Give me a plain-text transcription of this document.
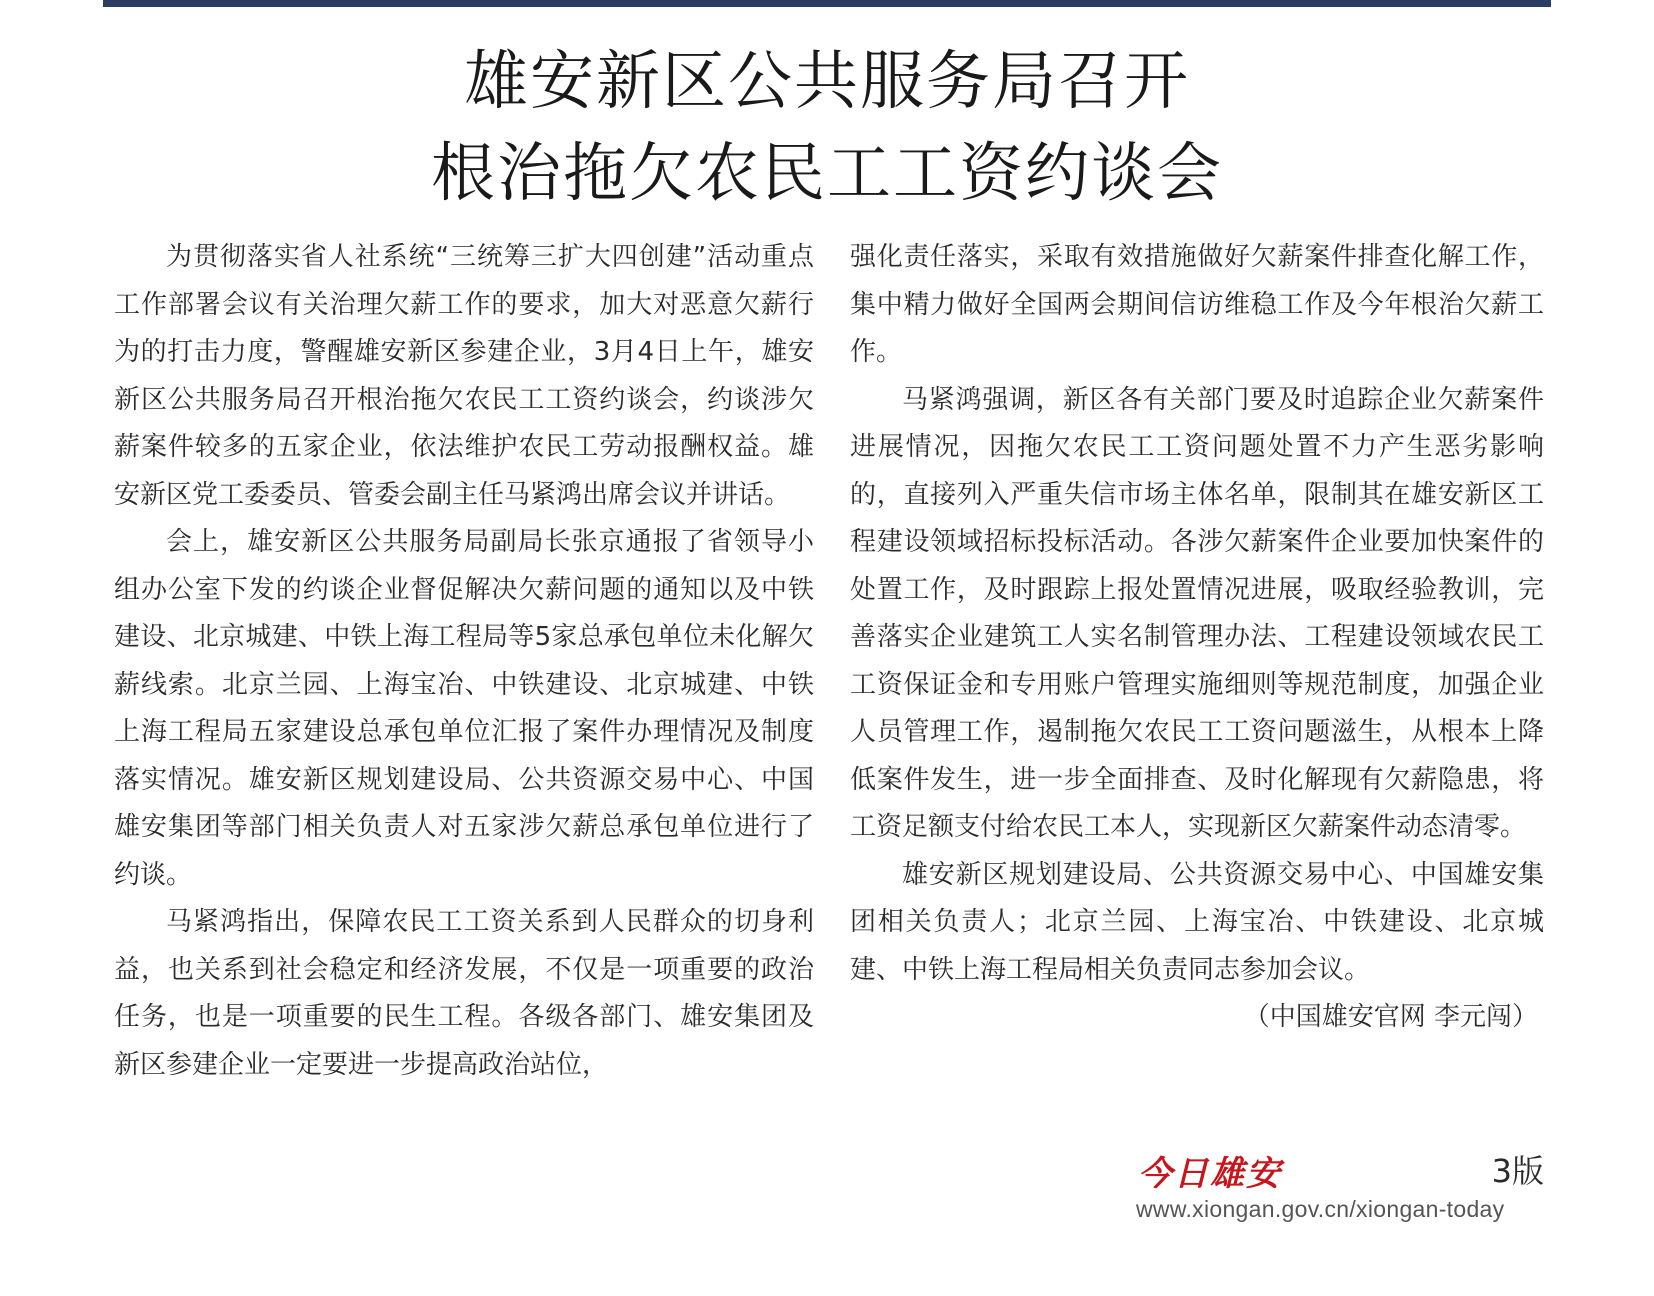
雄安新区公共服务局召开
根治拖欠农民工工资约谈会

为贯彻落实省人社系统“三统筹三扩大四创建”活动重点工作部署会议有关治理欠薪工作的要求，加大对恶意欠薪行为的打击力度，警醒雄安新区参建企业，3月4日上午，雄安新区公共服务局召开根治拖欠农民工工资约谈会，约谈涉欠薪案件较多的五家企业，依法维护农民工劳动报酬权益。雄安新区党工委委员、管委会副主任马紧鸿出席会议并讲话。

会上，雄安新区公共服务局副局长张京通报了省领导小组办公室下发的约谈企业督促解决欠薪问题的通知以及中铁建设、北京城建、中铁上海工程局等5家总承包单位未化解欠薪线索。北京兰园、上海宝冶、中铁建设、北京城建、中铁上海工程局五家建设总承包单位汇报了案件办理情况及制度落实情况。雄安新区规划建设局、公共资源交易中心、中国雄安集团等部门相关负责人对五家涉欠薪总承包单位进行了约谈。

马紧鸿指出，保障农民工工资关系到人民群众的切身利益，也关系到社会稳定和经济发展，不仅是一项重要的政治任务，也是一项重要的民生工程。各级各部门、雄安集团及新区参建企业一定要进一步提高政治站位，

强化责任落实，采取有效措施做好欠薪案件排查化解工作，集中精力做好全国两会期间信访维稳工作及今年根治欠薪工作。

马紧鸿强调，新区各有关部门要及时追踪企业欠薪案件进展情况，因拖欠农民工工资问题处置不力产生恶劣影响的，直接列入严重失信市场主体名单，限制其在雄安新区工程建设领域招标投标活动。各涉欠薪案件企业要加快案件的处置工作，及时跟踪上报处置情况进展，吸取经验教训，完善落实企业建筑工人实名制管理办法、工程建设领域农民工工资保证金和专用账户管理实施细则等规范制度，加强企业人员管理工作，遏制拖欠农民工工资问题滋生，从根本上降低案件发生，进一步全面排查、及时化解现有欠薪隐患，将工资足额支付给农民工本人，实现新区欠薪案件动态清零。

雄安新区规划建设局、公共资源交易中心、中国雄安集团相关负责人；北京兰园、上海宝冶、中铁建设、北京城建、中铁上海工程局相关负责同志参加会议。

（中国雄安官网 李元闯）

今日雄安	3版
www.xiongan.gov.cn/xiongan-today
